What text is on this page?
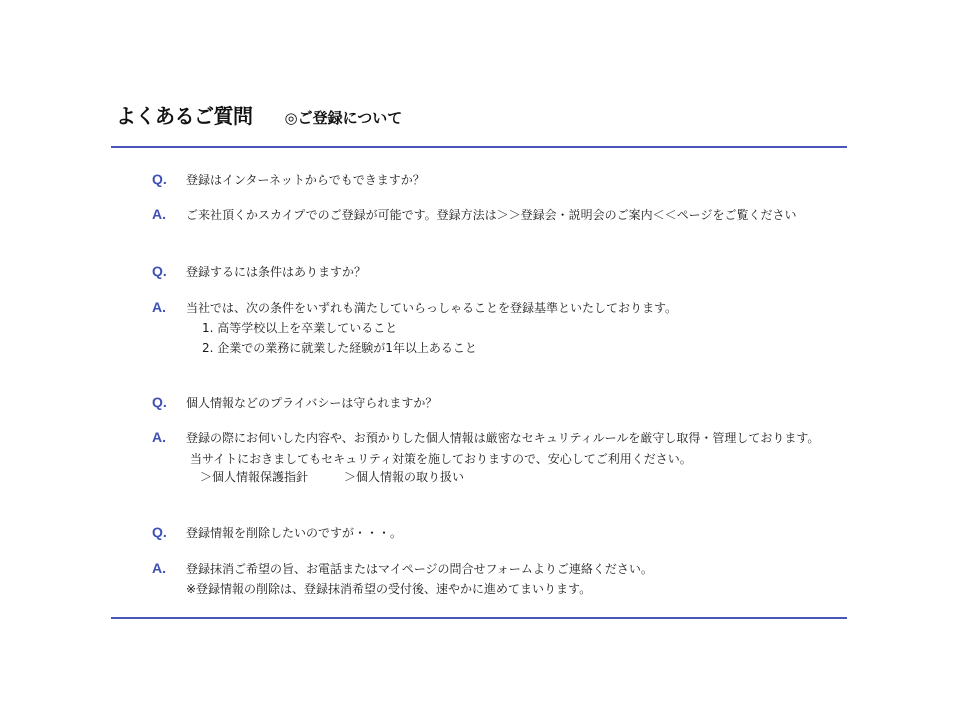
よくあるご質問 ◎ご登録について
Q.	登録はインターネットからでもできますか？
A.	ご来社頂くかスカイプでのご登録が可能です。登録方法は＞＞登録会・説明会のご案内＜＜ページをご覧ください
Q.	登録するには条件はありますか？
A.	当社では、次の条件をいずれも満たしていらっしゃることを登録基準といたしております。
1. 高等学校以上を卒業していること
2. 企業での業務に就業した経験が1年以上あること
Q.	個人情報などのプライバシーは守られますか？
A.	登録の際にお伺いした内容や、お預かりした個人情報は厳密なセキュリティルールを厳守し取得・管理しております。
当サイトにおきましてもセキュリティ対策を施しておりますので、安心してご利用ください。
＞個人情報保護指針	＞個人情報の取り扱い
Q.	登録情報を削除したいのですが・・・。
A.	登録抹消ご希望の旨、お電話またはマイページの問合せフォームよりご連絡ください。
※登録情報の削除は、登録抹消希望の受付後、速やかに進めてまいります。
